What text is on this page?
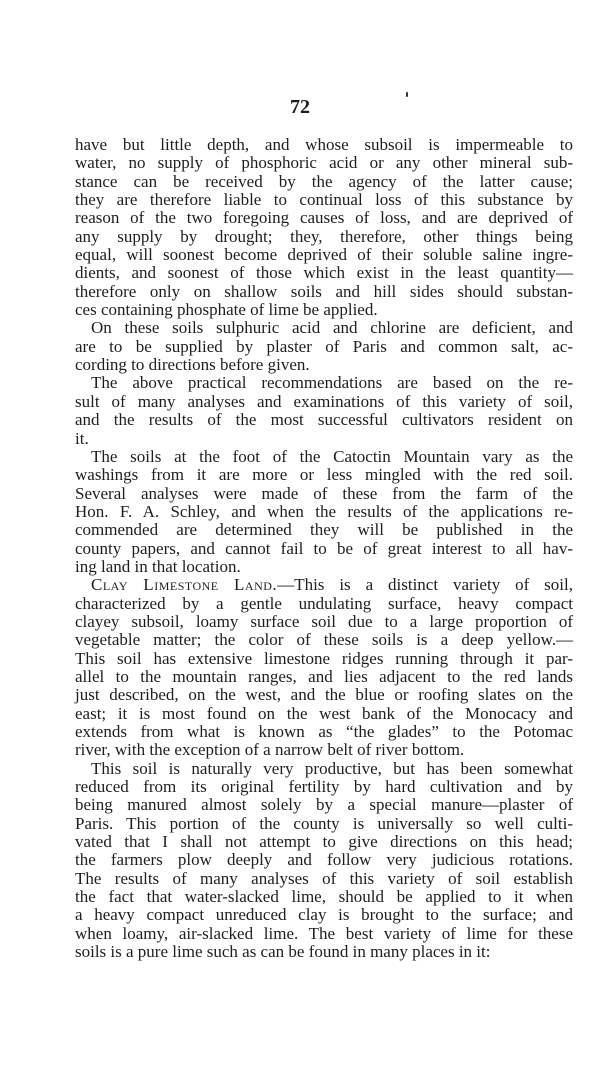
72
have but little depth, and whose subsoil is impermeable to
water, no supply of phosphoric acid or any other mineral sub-
stance can be received by the agency of the latter cause;
they are therefore liable to continual loss of this substance by
reason of the two foregoing causes of loss, and are deprived of
any supply by drought; they, therefore, other things being
equal, will soonest become deprived of their soluble saline ingre-
dients, and soonest of those which exist in the least quantity—
therefore only on shallow soils and hill sides should substan-
ces containing phosphate of lime be applied.
On these soils sulphuric acid and chlorine are deficient, and
are to be supplied by plaster of Paris and common salt, ac-
cording to directions before given.
The above practical recommendations are based on the re-
sult of many analyses and examinations of this variety of soil,
and the results of the most successful cultivators resident on
it.
The soils at the foot of the Catoctin Mountain vary as the
washings from it are more or less mingled with the red soil.
Several analyses were made of these from the farm of the
Hon. F. A. Schley, and when the results of the applications re-
commended are determined they will be published in the
county papers, and cannot fail to be of great interest to all hav-
ing land in that location.
Clay Limestone Land.—This is a distinct variety of soil,
characterized by a gentle undulating surface, heavy compact
clayey subsoil, loamy surface soil due to a large proportion of
vegetable matter; the color of these soils is a deep yellow.—
This soil has extensive limestone ridges running through it par-
allel to the mountain ranges, and lies adjacent to the red lands
just described, on the west, and the blue or roofing slates on the
east; it is most found on the west bank of the Monocacy and
extends from what is known as “the glades” to the Potomac
river, with the exception of a narrow belt of river bottom.
This soil is naturally very productive, but has been somewhat
reduced from its original fertility by hard cultivation and by
being manured almost solely by a special manure—plaster of
Paris. This portion of the county is universally so well culti-
vated that I shall not attempt to give directions on this head;
the farmers plow deeply and follow very judicious rotations.
The results of many analyses of this variety of soil establish
the fact that water-slacked lime, should be applied to it when
a heavy compact unreduced clay is brought to the surface; and
when loamy, air-slacked lime. The best variety of lime for these
soils is a pure lime such as can be found in many places in it:
